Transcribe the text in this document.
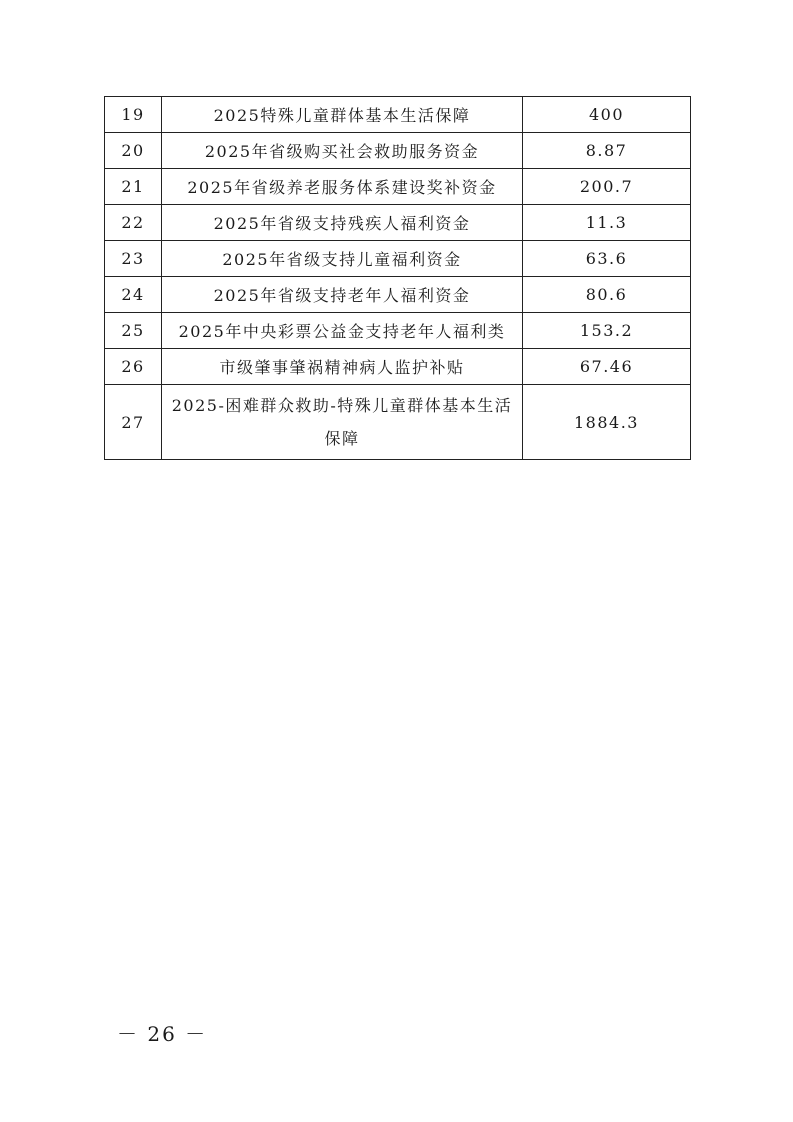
19	2025特殊儿童群体基本生活保障	400
20	2025年省级购买社会救助服务资金	8.87
21	2025年省级养老服务体系建设奖补资金	200.7
22	2025年省级支持残疾人福利资金	11.3
23	2025年省级支持儿童福利资金	63.6
24	2025年省级支持老年人福利资金	80.6
25	2025年中央彩票公益金支持老年人福利类	153.2
26	市级肇事肇祸精神病人监护补贴	67.46
27	2025-困难群众救助-特殊儿童群体基本生活保障	1884.3
－ 26 －
